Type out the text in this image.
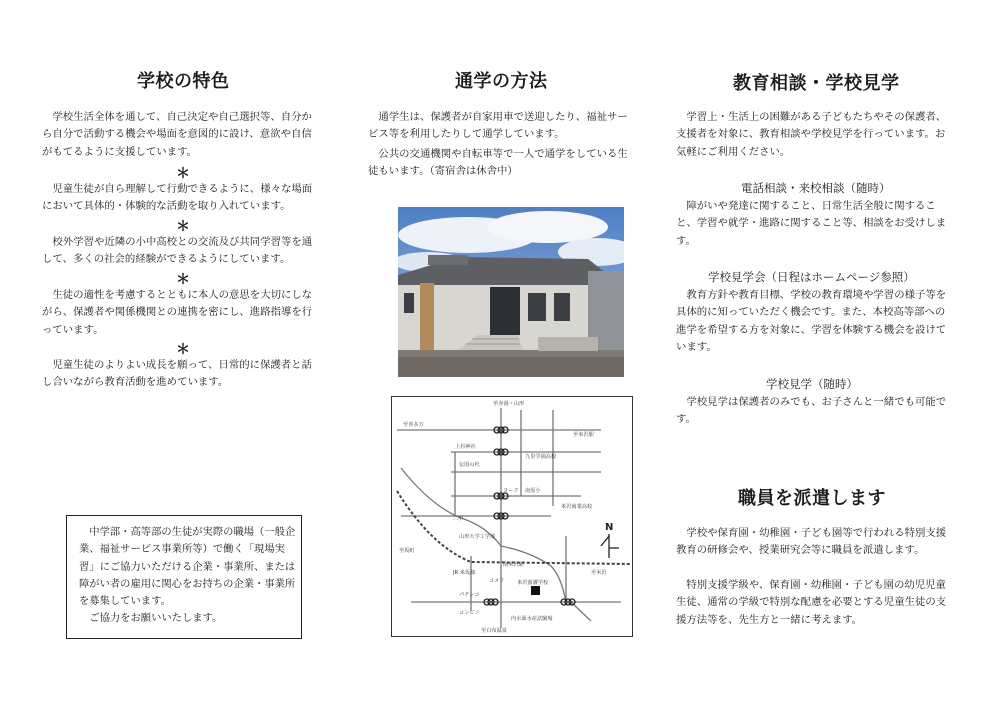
学校の特色

　学校生活全体を通して、自己決定や自己選択等、自分から自分で活動する機会や場面を意図的に設け、意欲や自信がもてるように支援しています。

＊

　児童生徒が自ら理解して行動できるように、様々な場面において具体的・体験的な活動を取り入れています。

＊

　校外学習や近隣の小中高校との交流及び共同学習等を通して、多くの社会的経験ができるようにしています。

＊

　生徒の適性を考慮するとともに本人の意思を大切にしながら、保護者や関係機関との連携を密にし、進路指導を行っています。

＊

　児童生徒のよりよい成長を願って、日常的に保護者と話し合いながら教育活動を進めています。

　中学部・高等部の生徒が実際の職場（一般企業、福祉サービス事業所等）で働く「現場実習」にご協力いただける企業・事業所、または障がい者の雇用に関心をお持ちの企業・事業所を募集しています。
　ご協力をお願いいたします。

通学の方法

　通学生は、保護者が自家用車で送迎したり、福祉サービス等を利用したりして通学しています。

　公共の交通機関や自転車等で一人で通学をしている生徒もいます。（寄宿舎は休舎中）

至赤湯・山形
至喜多方
至米沢駅
上杉神社
伝国の杜
九里学園高校
ヨーク 南原小
米沢商業高校
二中
山形大学工学部
至坂町
南米沢駅
JR 米坂線
コメリ 米沢養護学校
パチンコ
コンビニ
至米沢
至白布温泉
内水面水産試験場
N
教育相談・学校見学

　学習上・生活上の困難がある子どもたちやその保護者、支援者を対象に、教育相談や学校見学を行っています。お気軽にご利用ください。

電話相談・来校相談（随時）

　障がいや発達に関すること、日常生活全般に関すること、学習や就学・進路に関すること等、相談をお受けします。

学校見学会（日程はホームページ参照）

　教育方針や教育目標、学校の教育環境や学習の様子等を具体的に知っていただく機会です。また、本校高等部への進学を希望する方を対象に、学習を体験する機会を設けています。

学校見学（随時）

　学校見学は保護者のみでも、お子さんと一緒でも可能です。

職員を派遣します

　学校や保育園・幼稚園・子ども園等で行われる特別支援教育の研修会や、授業研究会等に職員を派遣します。

　特別支援学級や、保育園・幼稚園・子ども園の幼児児童生徒、通常の学級で特別な配慮を必要とする児童生徒の支援方法等を、先生方と一緒に考えます。
